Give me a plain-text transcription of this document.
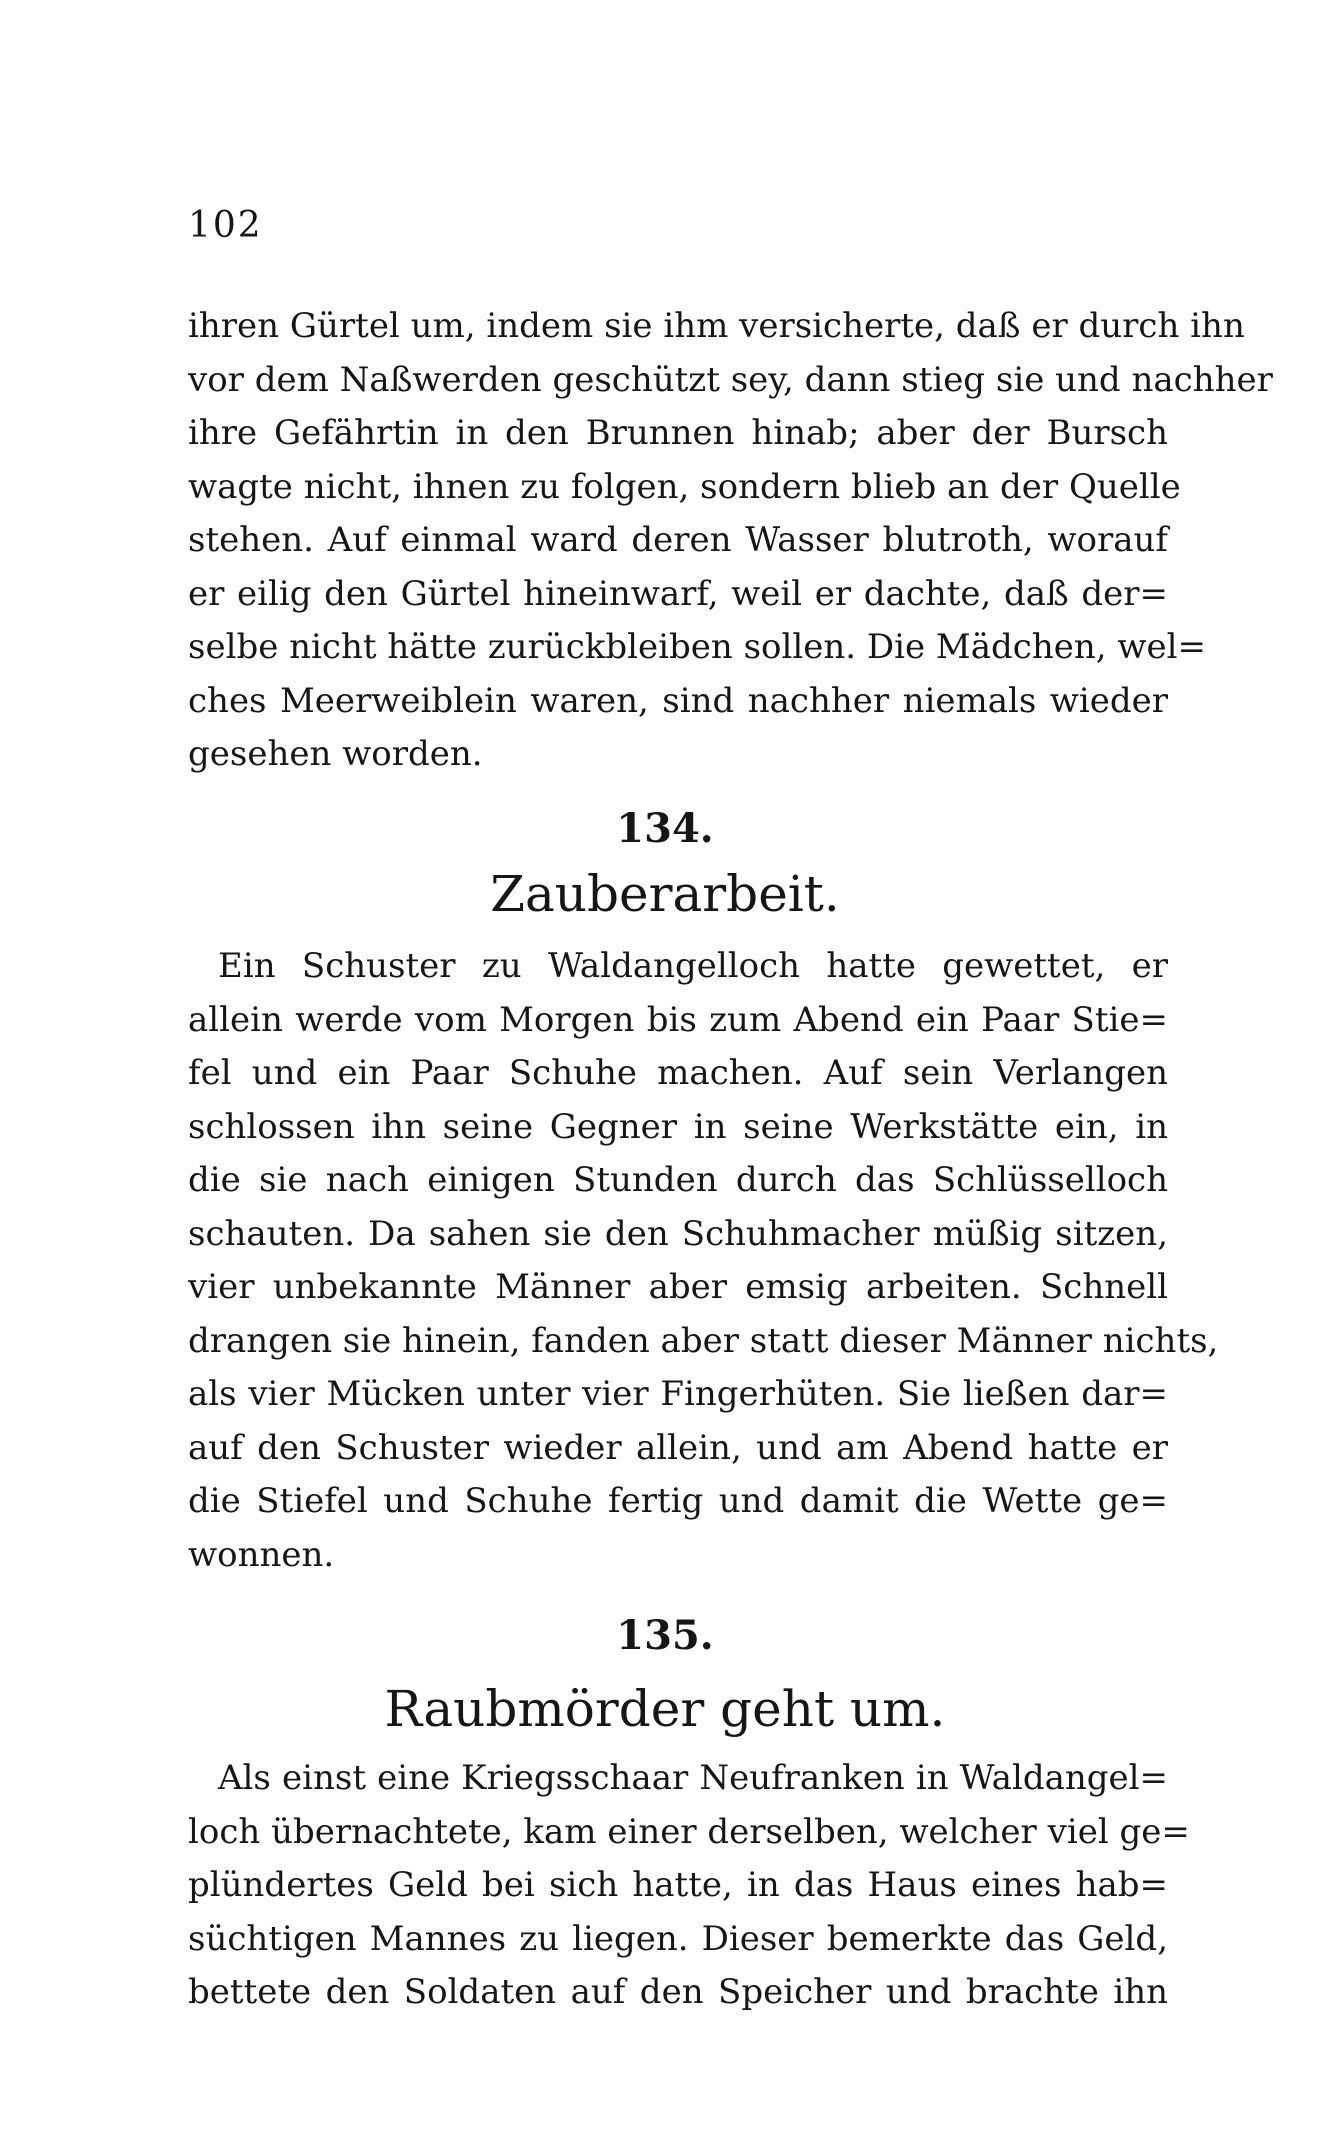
102
ihren Gürtel um, indem sie ihm versicherte, daß er durch ihn
vor dem Naßwerden geschützt sey, dann stieg sie und nachher
ihre Gefährtin in den Brunnen hinab; aber der Bursch
wagte nicht, ihnen zu folgen, sondern blieb an der Quelle
stehen. Auf einmal ward deren Wasser blutroth, worauf
er eilig den Gürtel hineinwarf, weil er dachte, daß der=
selbe nicht hätte zurückbleiben sollen. Die Mädchen, wel=
ches Meerweiblein waren, sind nachher niemals wieder
gesehen worden.
134.
Zauberarbeit.
Ein Schuster zu Waldangelloch hatte gewettet, er
allein werde vom Morgen bis zum Abend ein Paar Stie=
fel und ein Paar Schuhe machen. Auf sein Verlangen
schlossen ihn seine Gegner in seine Werkstätte ein, in
die sie nach einigen Stunden durch das Schlüsselloch
schauten. Da sahen sie den Schuhmacher müßig sitzen,
vier unbekannte Männer aber emsig arbeiten. Schnell
drangen sie hinein, fanden aber statt dieser Männer nichts,
als vier Mücken unter vier Fingerhüten. Sie ließen dar=
auf den Schuster wieder allein, und am Abend hatte er
die Stiefel und Schuhe fertig und damit die Wette ge=
wonnen.
135.
Raubmörder geht um.
Als einst eine Kriegsschaar Neufranken in Waldangel=
loch übernachtete, kam einer derselben, welcher viel ge=
plündertes Geld bei sich hatte, in das Haus eines hab=
süchtigen Mannes zu liegen. Dieser bemerkte das Geld,
bettete den Soldaten auf den Speicher und brachte ihn
